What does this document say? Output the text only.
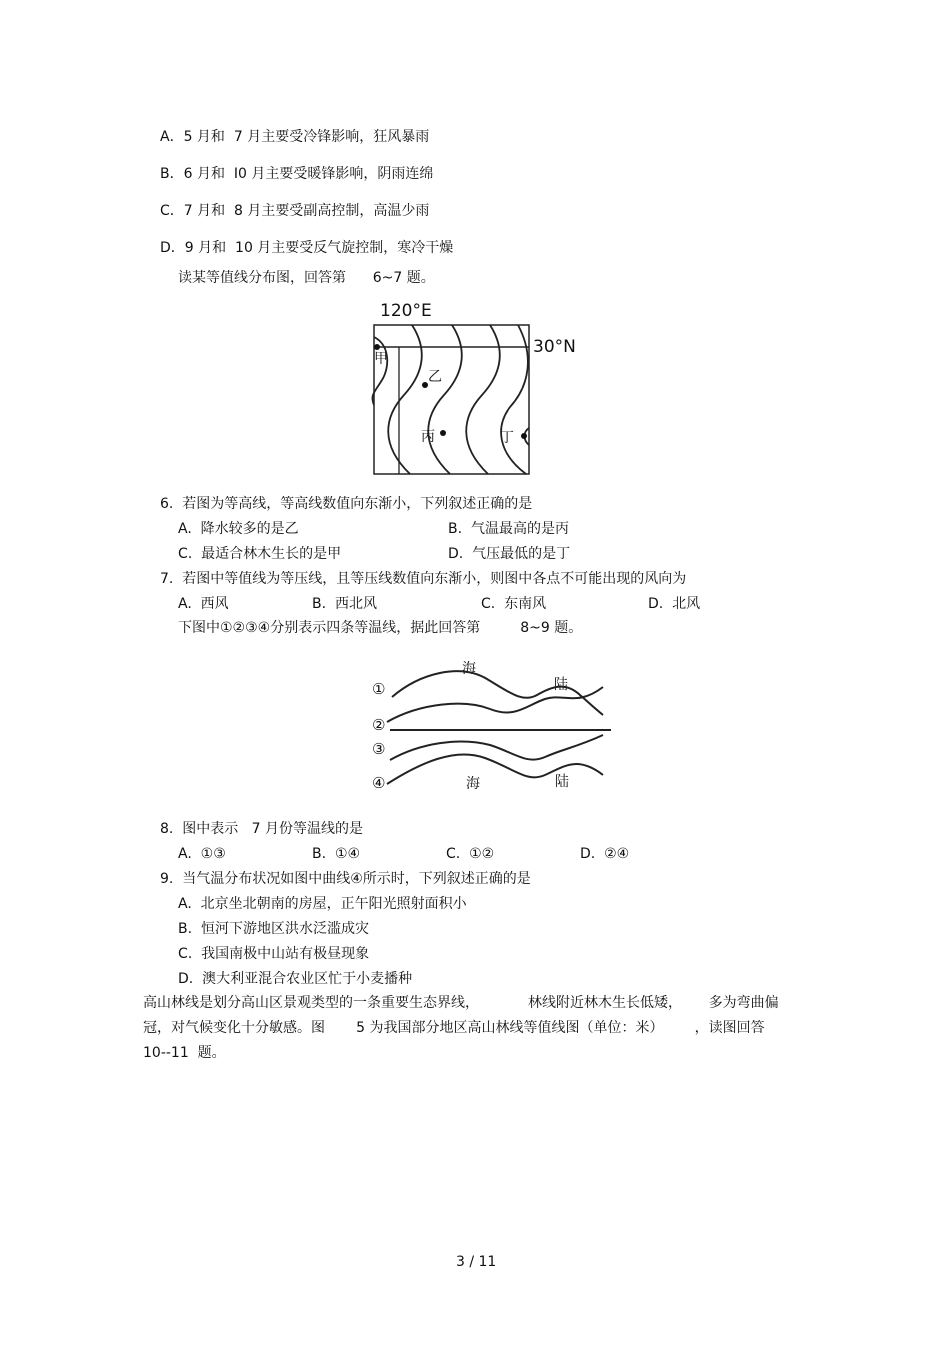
A．5 月和  7 月主要受冷锋影响，狂风暴雨
B．6 月和  I0 月主要受暖锋影响，阴雨连绵
C．7 月和  8 月主要受副高控制，高温少雨
D．9 月和  10 月主要受反气旋控制，寒冷干燥
读某等值线分布图，回答第      6~7 题。
120°E
30°N
甲
乙
丙	丁
6.  若图为等高线，等高线数值向东渐小，下列叙述正确的是
A.  降水较多的是乙	B.  气温最高的是丙
C.  最适合林木生长的是甲	D.  气压最低的是丁
7.  若图中等值线为等压线，且等压线数值向东渐小，则图中各点不可能出现的风向为
A.  西风	B.  西北风	C.  东南风	D.  北风
下图中①②③④分别表示四条等温线，据此回答第         8~9 题。
①
②
③
④
海
陆
海	陆
8.  图中表示   7 月份等温线的是
A.  ①③	B.  ①④	C.  ①②	D.  ②④
9.  当气温分布状况如图中曲线④所示时，下列叙述正确的是
A.  北京坐北朝南的房屋，正午阳光照射面积小
B.  恒河下游地区洪水泛滥成灾
C.  我国南极中山站有极昼现象
D.  澳大利亚混合农业区忙于小麦播种
高山林线是划分高山区景观类型的一条重要生态界线，           林线附近林木生长低矮，      多为弯曲偏
冠，对气候变化十分敏感。图       5 为我国部分地区高山林线等值线图（单位：米）       ，读图回答
10--11  题。
3 / 11
